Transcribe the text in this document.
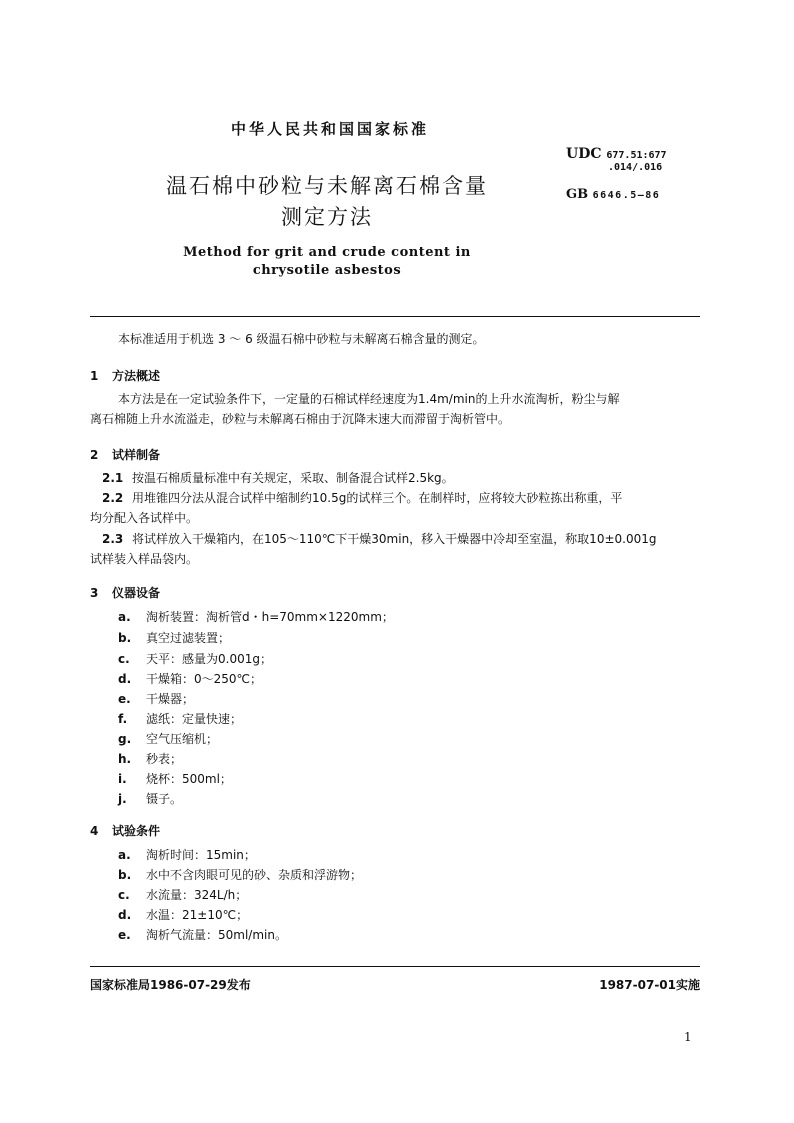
中华人民共和国国家标准
温石棉中砂粒与未解离石棉含量
测定方法
Method for grit and crude content in
chrysotile asbestos
UDC 677.51:677
.014/.016
GB 6646.5—86
本标准适用于机选 3 ～ 6 级温石棉中砂粒与未解离石棉含量的测定。
1 方法概述
本方法是在一定试验条件下，一定量的石棉试样经速度为1.4m/min的上升水流淘析，粉尘与解
离石棉随上升水流溢走，砂粒与未解离石棉由于沉降末速大而滞留于淘析管中。
2 试样制备
2.1 按温石棉质量标准中有关规定，采取、制备混合试样2.5kg。
2.2 用堆锥四分法从混合试样中缩制约10.5g的试样三个。在制样时，应将较大砂粒拣出称重，平
均分配入各试样中。
2.3 将试样放入干燥箱内，在105～110℃下干燥30min，移入干燥器中冷却至室温，称取10±0.001g
试样装入样品袋内。
3 仪器设备
a. 淘析装置：淘析管d・h=70mm×1220mm；
b. 真空过滤装置；
c. 天平：感量为0.001g；
d. 干燥箱：0～250℃；
e. 干燥器；
f. 滤纸：定量快速；
g. 空气压缩机；
h. 秒表；
i. 烧杯：500ml；
j. 镊子。
4 试验条件
a. 淘析时间：15min；
b. 水中不含肉眼可见的砂、杂质和浮游物；
c. 水流量：324L/h；
d. 水温：21±10℃；
e. 淘析气流量：50ml/min。
国家标准局1986-07-29发布	1987-07-01实施
1
